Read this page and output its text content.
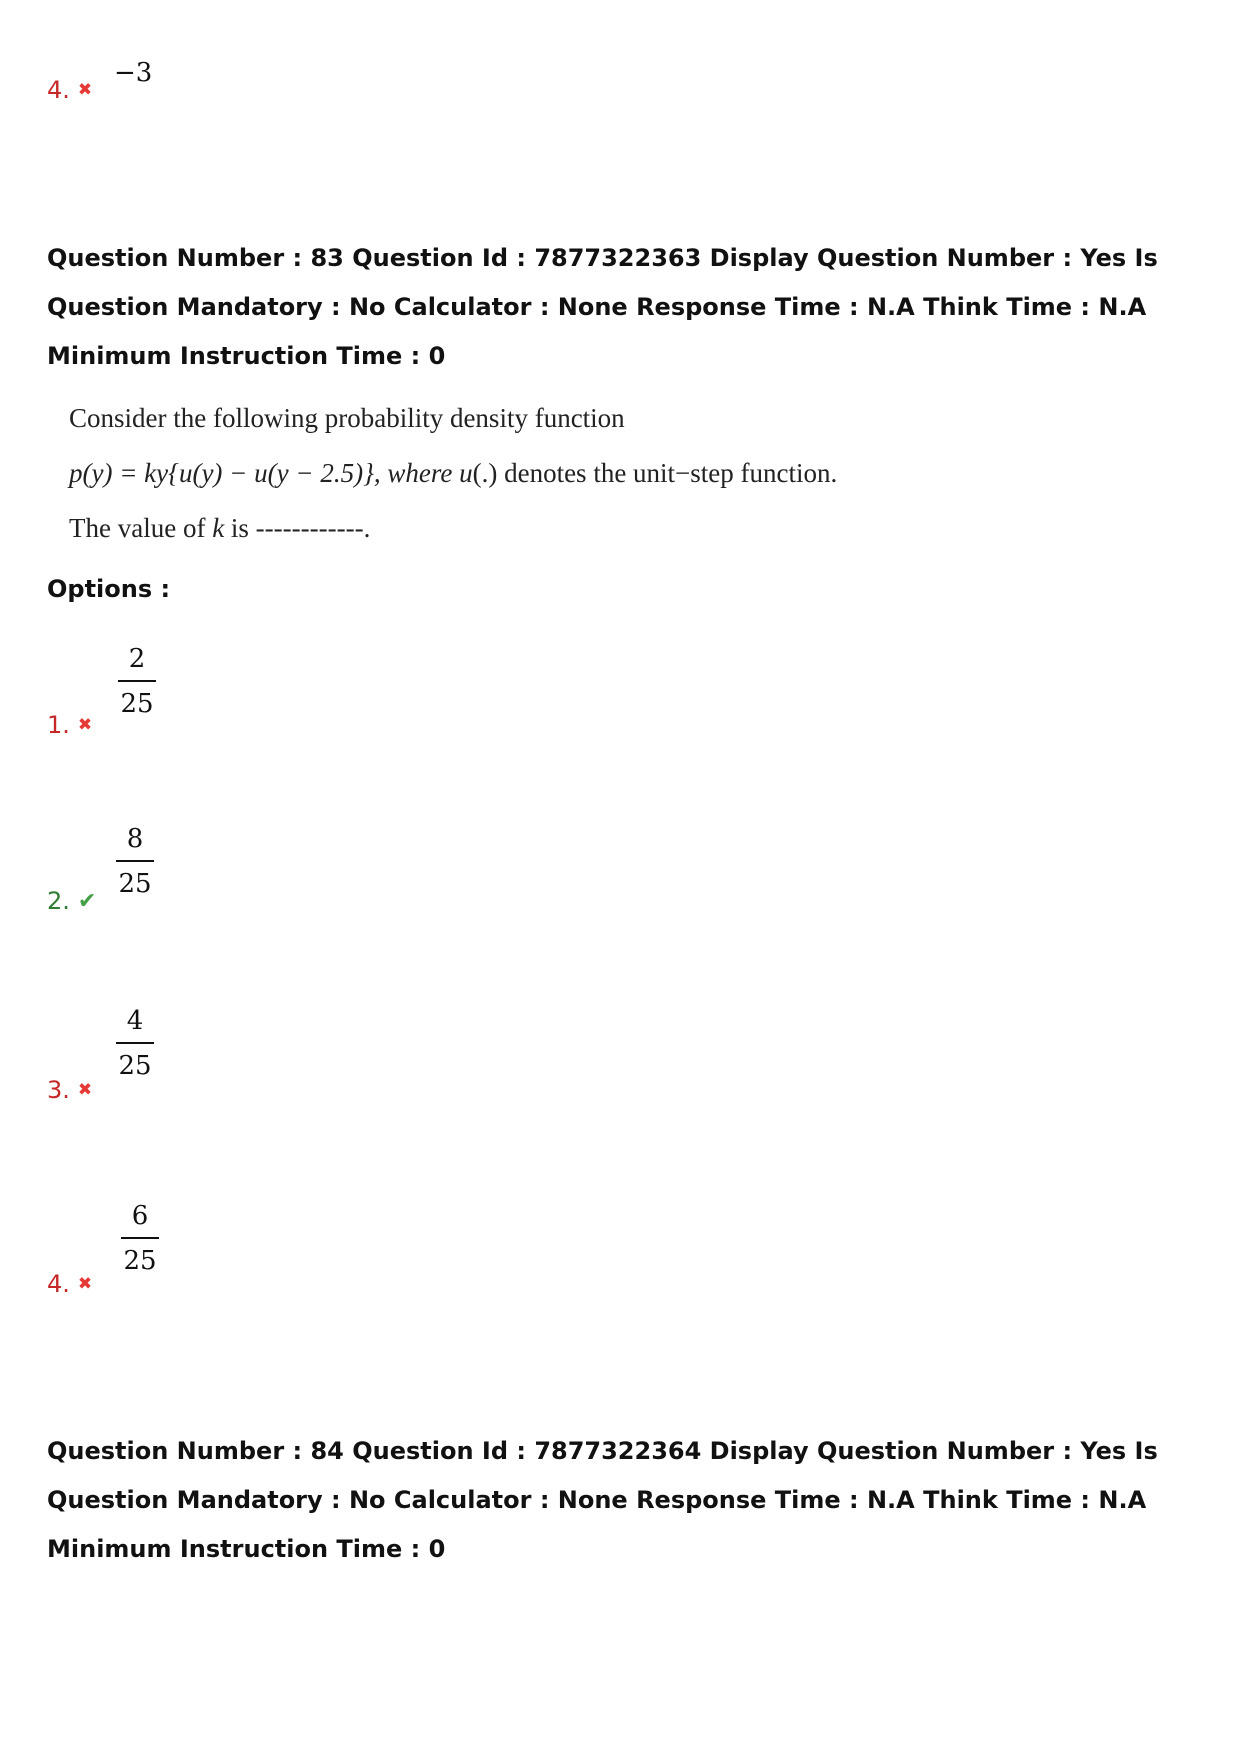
4. ✖
−3
Question Number : 83 Question Id : 7877322363 Display Question Number : Yes Is Question Mandatory : No Calculator : None Response Time : N.A Think Time : N.A Minimum Instruction Time : 0
Consider the following probability density function
p(y) = ky{u(y) − u(y − 2.5)}, where u(.) denotes the unit−step function.
The value of k is ------------.
Options :
2
25
1. ✖
8
25
2. ✔
4
25
3. ✖
6
25
4. ✖
Question Number : 84 Question Id : 7877322364 Display Question Number : Yes Is Question Mandatory : No Calculator : None Response Time : N.A Think Time : N.A Minimum Instruction Time : 0
